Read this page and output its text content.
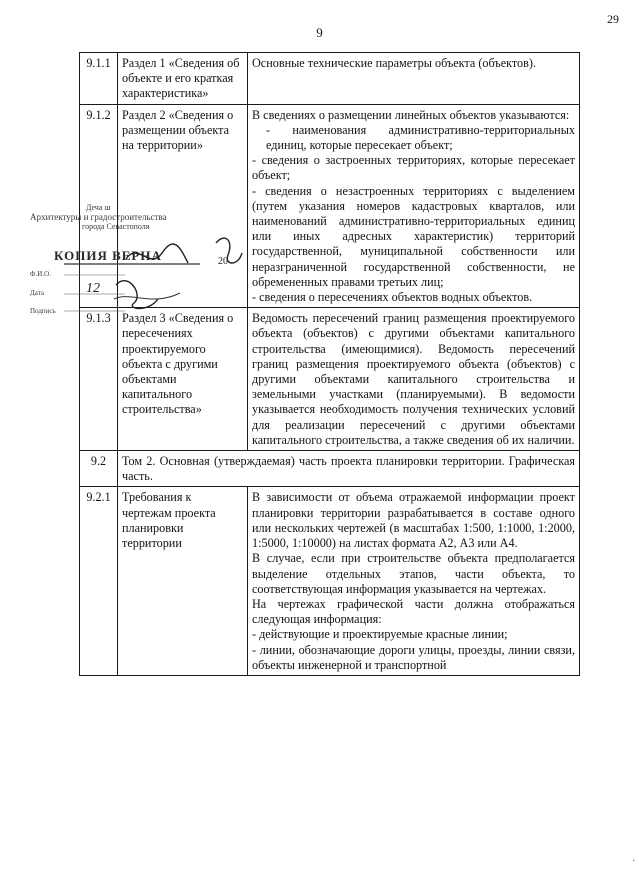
29
9
9.1.1	Раздел 1 «Сведения об объекте и его краткая характеристика»	Основные технические параметры объекта (объектов).

9.1.2	Раздел 2 «Сведения о размещении объекта на территории»	В сведениях о размещении линейных объектов указываются:

- наименования административно-территориальных единиц, которые пересекает объект;

- сведения о застроенных территориях, которые пересекает объект;

- сведения о незастроенных территориях с выделением (путем указания номеров кадастровых кварталов, или наименований административно-территориальных единиц или иных адресных характеристик) территорий государственной, муниципальной собственности или неразграниченной государственной собственности, не обремененных правами третьих лиц;

- сведения о пересечениях объектов водных объектов.

9.1.3	Раздел 3 «Сведения о пересечениях проектируемого объекта с другими объектами капитального строительства»	Ведомость пересечений границ размещения проектируемого объекта (объектов) с другими объектами капитального строительства (имеющимися). Ведомость пересечений границ размещения проектируемого объекта (объектов) с другими объектами капитального строительства и земельными участками (планируемыми). В ведомости указывается необходимость получения технических условий для реализации пересечений с другими объектами капитального строительства, а также сведения об их наличии.

9.2	Том 2. Основная (утверждаемая) часть проекта планировки территории. Графическая часть.	
9.2.1	Требования к чертежам проекта планировки территории	В зависимости от объема отражаемой информации проект планировки территории разрабатывается в составе одного или нескольких чертежей (в масштабах 1:500, 1:1000, 1:2000, 1:5000, 1:10000) на листах формата А2, А3 или А4.

В случае, если при строительстве объекта предполагается выделение отдельных этапов, части объекта, то соответствующая информация указывается на чертежах.

На чертежах графической части должна отображаться следующая информация:

- действующие и проектируемые красные линии;

- линии, обозначающие дороги улицы, проезды, линии связи, объекты инженерной и транспортной

Деча ш
Архитектуры и градостроительства
города Севастополя
КОПИЯ ВЕРНА
Ф.И.О.
Дата
Подпись
12
20
.
